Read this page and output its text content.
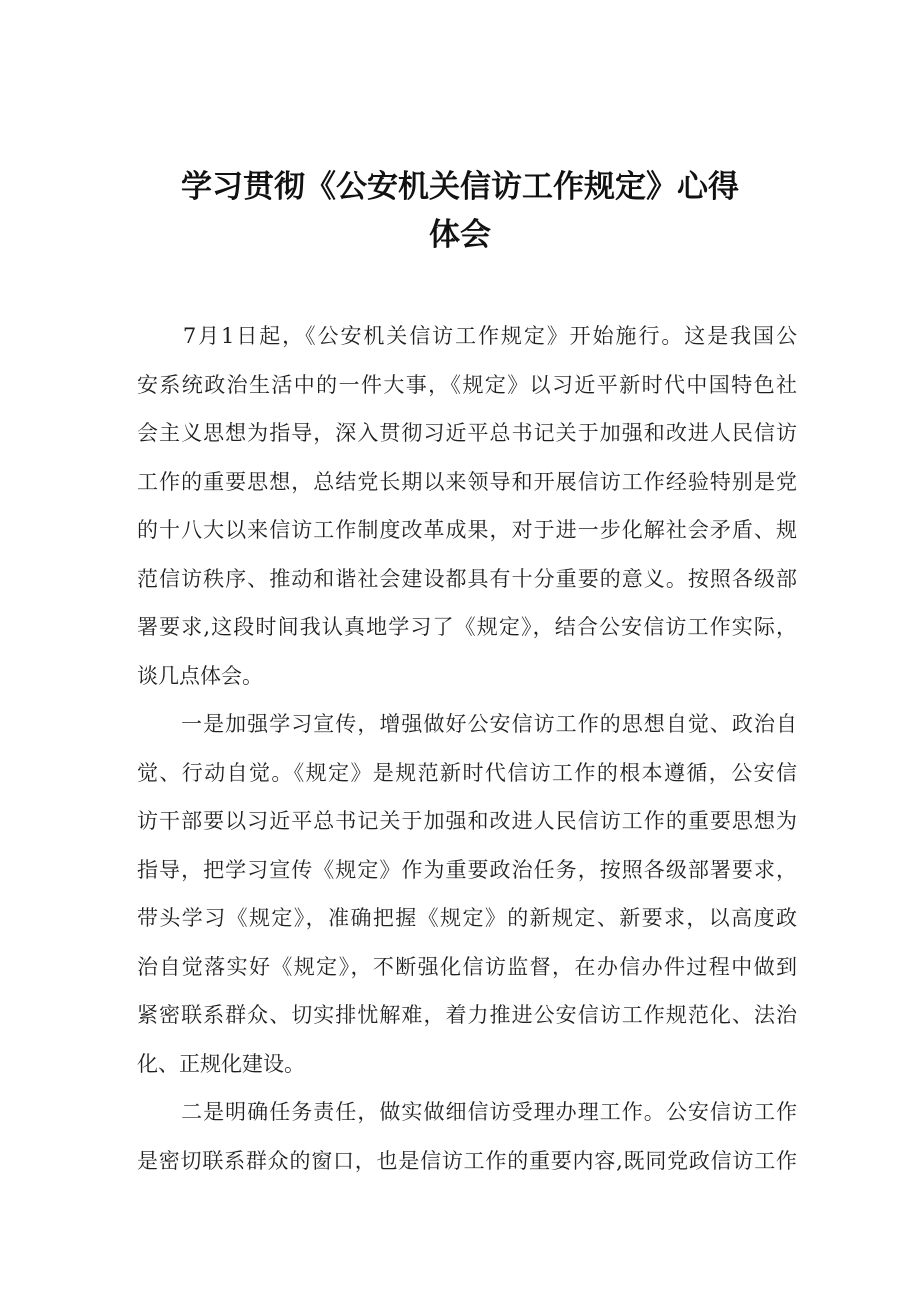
学习贯彻《公安机关信访工作规定》心得
体会
　　7月1日起，《公安机关信访工作规定》开始施行。这是我国公
安系统政治生活中的一件大事，《规定》以习近平新时代中国特色社
会主义思想为指导，深入贯彻习近平总书记关于加强和改进人民信访
工作的重要思想，总结党长期以来领导和开展信访工作经验特别是党
的十八大以来信访工作制度改革成果，对于进一步化解社会矛盾、规
范信访秩序、推动和谐社会建设都具有十分重要的意义。按照各级部
署要求,这段时间我认真地学习了《规定》，结合公安信访工作实际，
谈几点体会。
　　一是加强学习宣传，增强做好公安信访工作的思想自觉、政治自
觉、行动自觉。《规定》是规范新时代信访工作的根本遵循，公安信
访干部要以习近平总书记关于加强和改进人民信访工作的重要思想为
指导，把学习宣传《规定》作为重要政治任务，按照各级部署要求，
带头学习《规定》，准确把握《规定》的新规定、新要求，以高度政
治自觉落实好《规定》，不断强化信访监督，在办信办件过程中做到
紧密联系群众、切实排忧解难，着力推进公安信访工作规范化、法治
化、正规化建设。
　　二是明确任务责任，做实做细信访受理办理工作。公安信访工作
是密切联系群众的窗口，也是信访工作的重要内容,既同党政信访工作
